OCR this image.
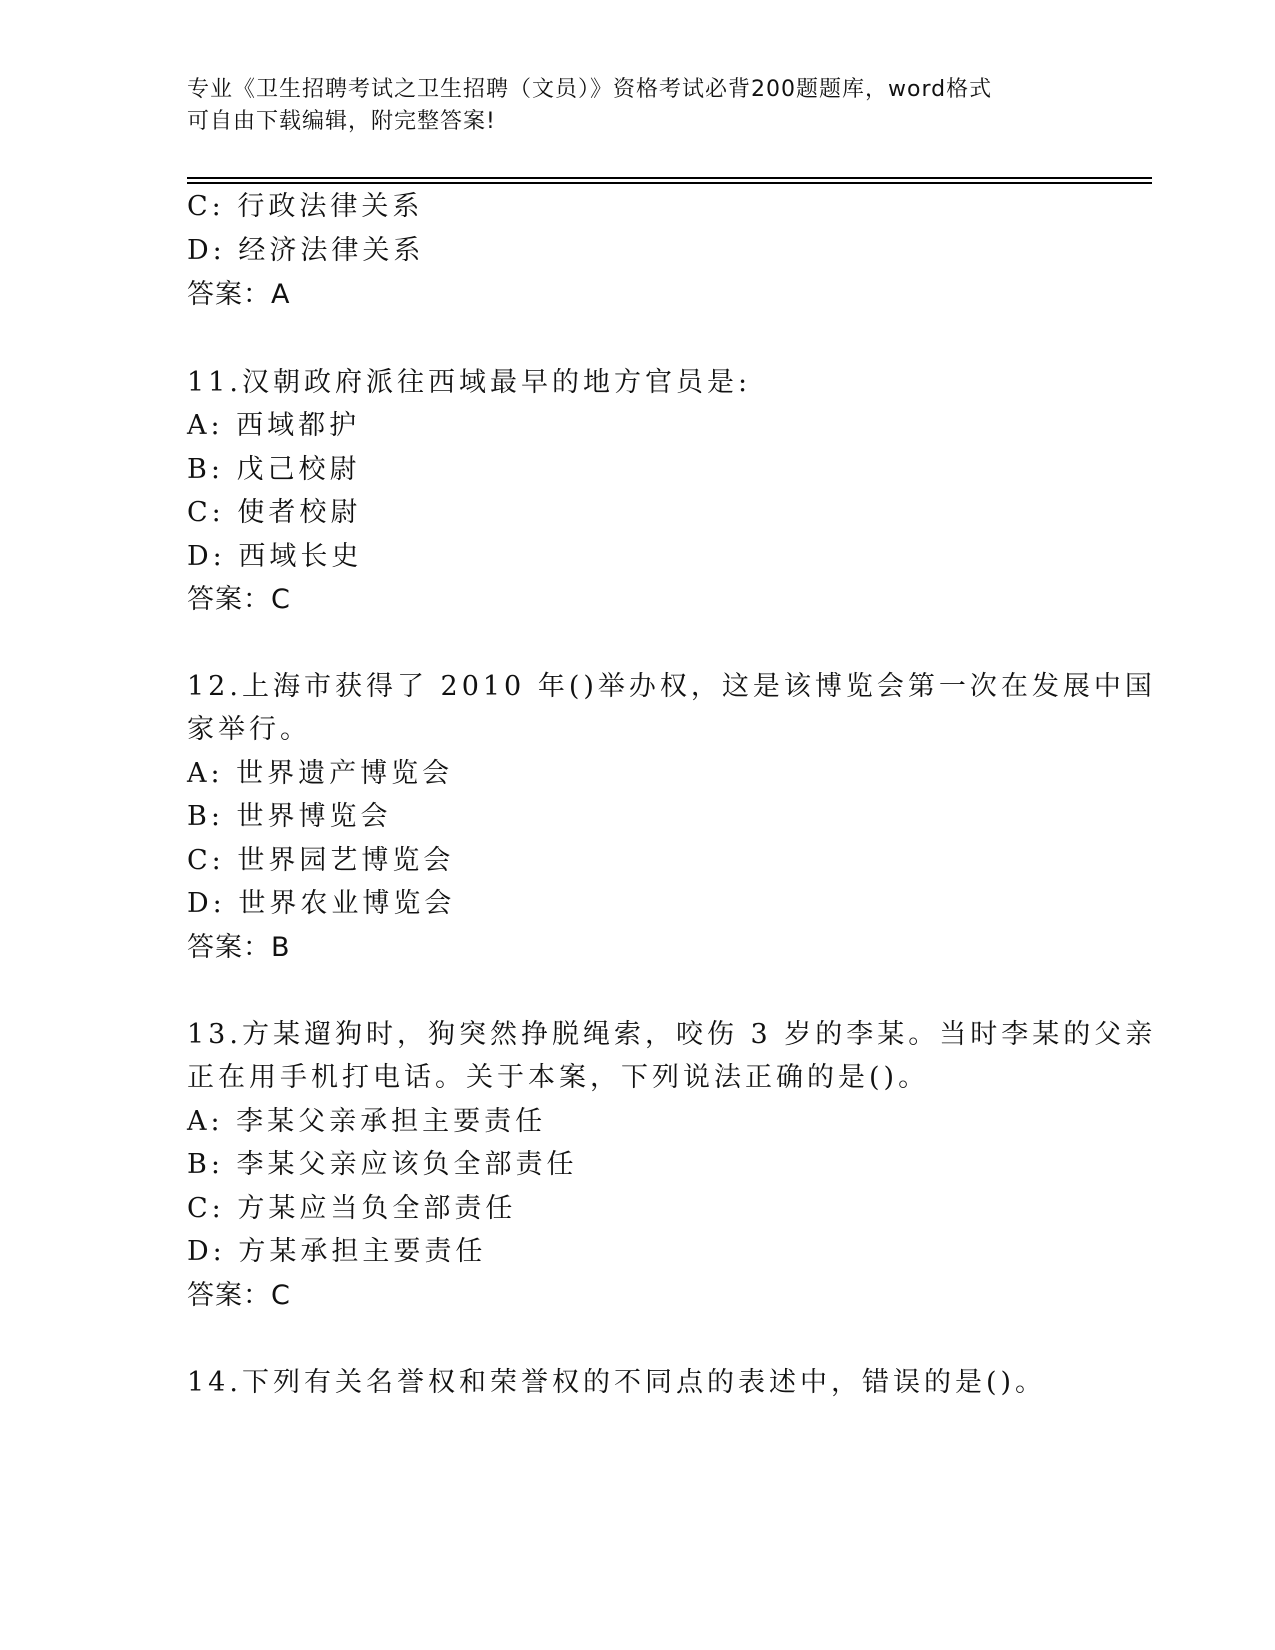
专业《卫生招聘考试之卫生招聘（文员）》资格考试必背200题题库，word格式
可自由下载编辑，附完整答案!
C: 行政法律关系
D: 经济法律关系
答案：A
11.汉朝政府派往西域最早的地方官员是:
A: 西域都护
B: 戊己校尉
C: 使者校尉
D: 西域长史
答案：C
12.上海市获得了 2010 年()举办权，这是该博览会第一次在发展中国
家举行。
A: 世界遗产博览会
B: 世界博览会
C: 世界园艺博览会
D: 世界农业博览会
答案：B
13.方某遛狗时，狗突然挣脱绳索，咬伤 3 岁的李某。当时李某的父亲
正在用手机打电话。关于本案，下列说法正确的是()。
A: 李某父亲承担主要责任
B: 李某父亲应该负全部责任
C: 方某应当负全部责任
D: 方某承担主要责任
答案：C
14.下列有关名誉权和荣誉权的不同点的表述中，错误的是()。
